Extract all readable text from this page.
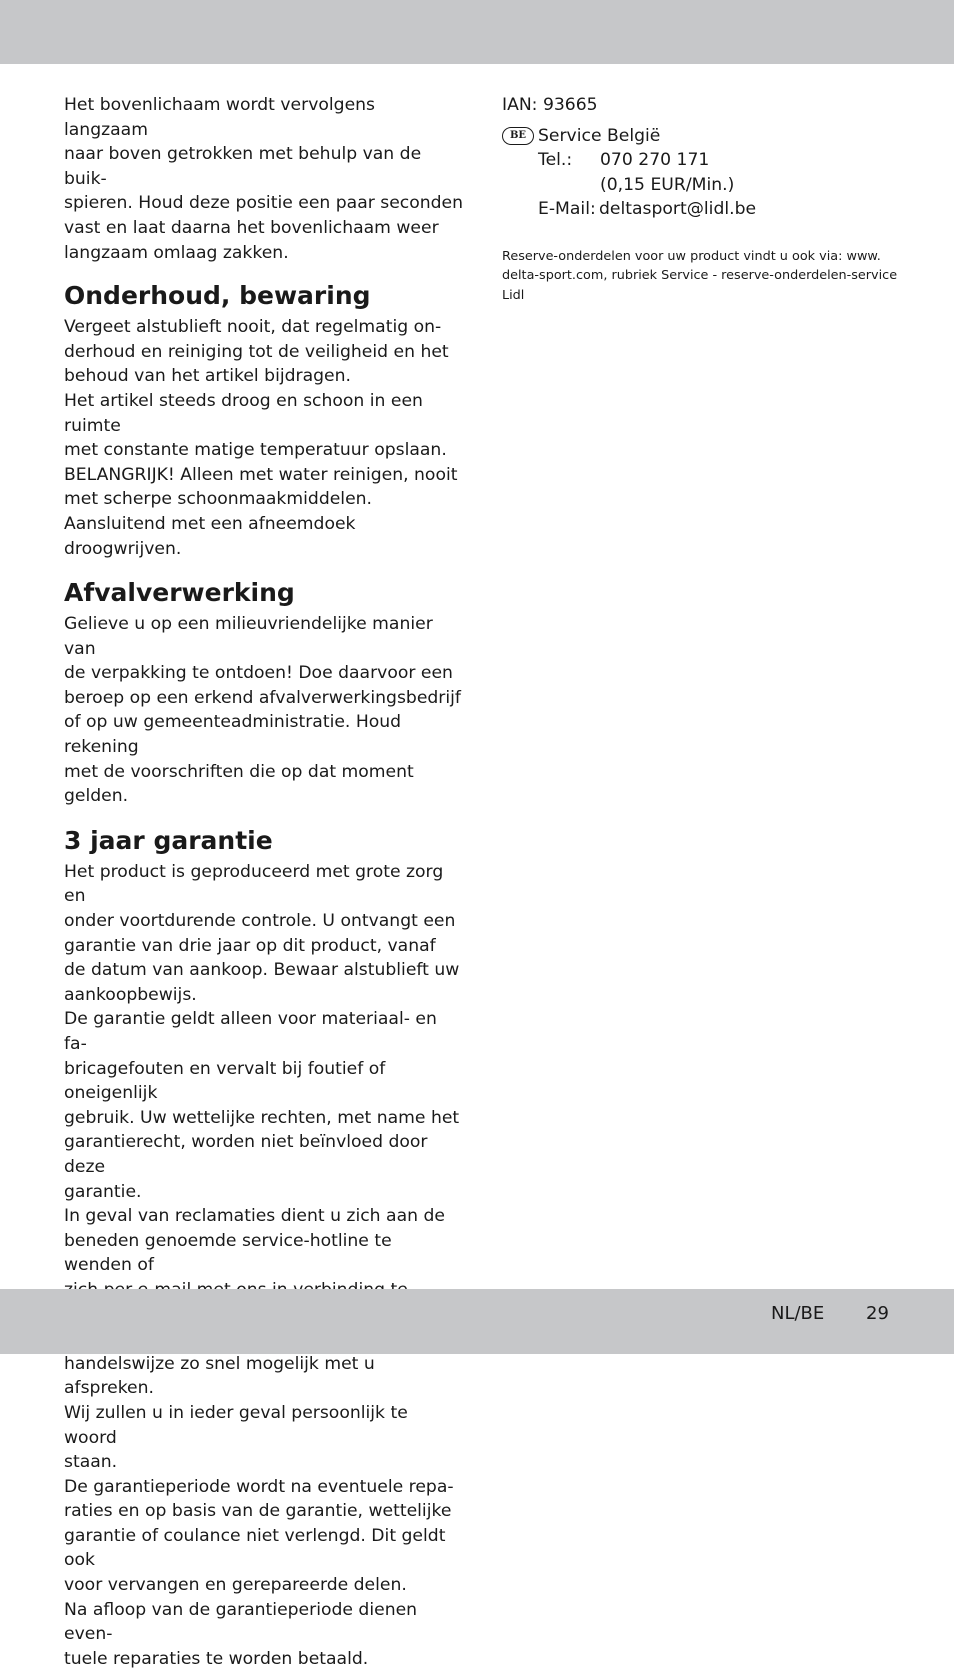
Het bovenlichaam wordt vervolgens langzaam
naar boven getrokken met behulp van de buik-
spieren. Houd deze positie een paar seconden
vast en laat daarna het bovenlichaam weer
langzaam omlaag zakken.

Onderhoud, bewaring

Vergeet alstublieft nooit, dat regelmatig on-
derhoud en reiniging tot de veiligheid en het
behoud van het artikel bijdragen.
Het artikel steeds droog en schoon in een ruimte
met constante matige temperatuur opslaan.
BELANGRIJK! Alleen met water reinigen, nooit
met scherpe schoonmaakmiddelen.
Aansluitend met een afneemdoek droogwrijven.

Afvalverwerking

Gelieve u op een milieuvriendelijke manier van
de verpakking te ontdoen! Doe daarvoor een
beroep op een erkend afvalverwerkingsbedrijf
of op uw gemeenteadministratie. Houd rekening
met de voorschriften die op dat moment gelden.

3 jaar garantie

Het product is geproduceerd met grote zorg en
onder voortdurende controle. U ontvangt een
garantie van drie jaar op dit product, vanaf
de datum van aankoop. Bewaar alstublieft uw
aankoopbewijs.
De garantie geldt alleen voor materiaal- en fa-
bricagefouten en vervalt bij foutief of oneigenlijk
gebruik. Uw wettelijke rechten, met name het
garantierecht, worden niet beïnvloed door deze
garantie.
In geval van reclamaties dient u zich aan de
beneden genoemde service-hotline te wenden of

handelswijze zo snel mogelijk met u afspreken.
Wij zullen u in ieder geval persoonlijk te woord
staan.
De garantieperiode wordt na eventuele repa-
raties en op basis van de garantie, wettelijke
garantie of coulance niet verlengd. Dit geldt ook
voor vervangen en gerepareerde delen.
Na afloop van de garantieperiode dienen even-
tuele reparaties te worden betaald.

IAN: 93665

BE Service België
Tel.: 070 270 171
(0,15 EUR/Min.)
E-Mail: deltasport@lidl.be

Reserve-onderdelen voor uw product vindt u ook via: www.
delta-sport.com, rubriek Service - reserve-onderdelen-service
Lidl

NL/BE 29
